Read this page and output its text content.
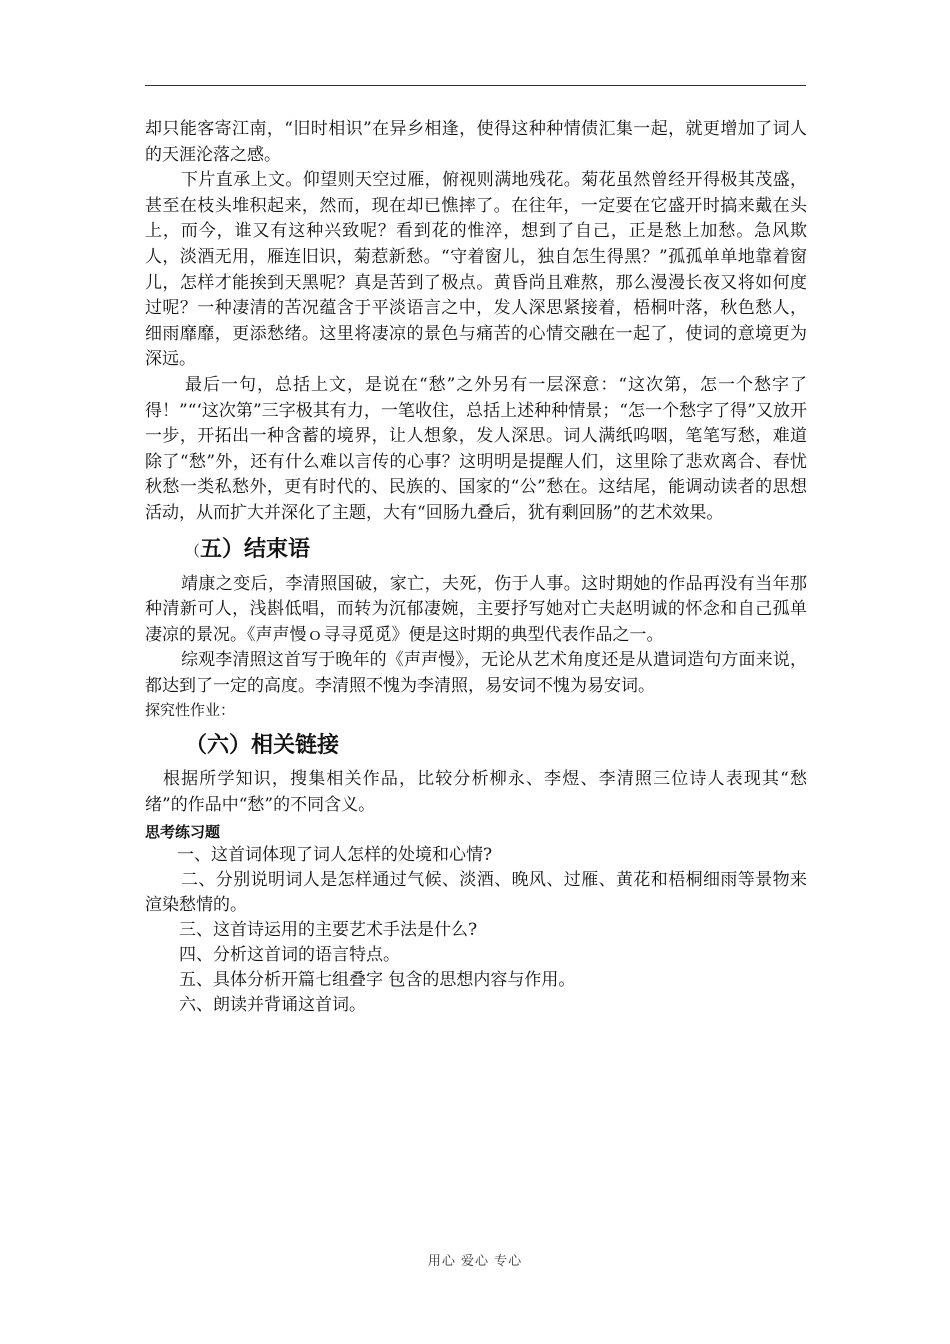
却只能客寄江南，“旧时相识”在异乡相逢，使得这种种情债汇集一起，就更增加了词人的天涯沦落之感。

下片直承上文。仰望则天空过雁，俯视则满地残花。菊花虽然曾经开得极其茂盛，甚至在枝头堆积起来，然而，现在却已憔摔了。在往年，一定要在它盛开时搞来戴在头上，而今，谁又有这种兴致呢？看到花的惟淬，想到了自己，正是愁上加愁。急风欺人，淡酒无用，雁连旧识，菊惹新愁。“守着窗儿，独自怎生得黑？”孤孤单单地靠着窗儿，怎样才能挨到天黑呢？真是苦到了极点。黄昏尚且难熬，那么漫漫长夜又将如何度过呢？一种凄清的苦况蕴含于平淡语言之中，发人深思紧接着，梧桐叶落，秋色愁人，细雨靡靡，更添愁绪。这里将凄凉的景色与痛苦的心情交融在一起了，使词的意境更为深远。

最后一句，总括上文，是说在“愁”之外另有一层深意：“这次第，怎一个愁字了得！”“‘这次第”三字极其有力，一笔收住，总括上述种种情景；“怎一个愁字了得”又放开一步，开拓出一种含蓄的境界，让人想象，发人深思。词人满纸呜咽，笔笔写愁，难道除了“愁”外，还有什么难以言传的心事？这明明是提醒人们，这里除了悲欢离合、春忧秋愁一类私愁外，更有时代的、民族的、国家的“公”愁在。这结尾，能调动读者的思想活动，从而扩大并深化了主题，大有“回肠九叠后，犹有剩回肠”的艺术效果。

（五）结束语

靖康之变后，李清照国破，家亡，夫死，伤于人事。这时期她的作品再没有当年那种清新可人，浅斟低唱，而转为沉郁凄婉，主要抒写她对亡夫赵明诚的怀念和自己孤单凄凉的景况。《声声慢ｏ寻寻觅觅》便是这时期的典型代表作品之一。

综观李清照这首写于晚年的《声声慢》，无论从艺术角度还是从遣词造句方面来说，都达到了一定的高度。李清照不愧为李清照，易安词不愧为易安词。

探究性作业：

（六）相关链接

根据所学知识，搜集相关作品，比较分析柳永、李煜、李清照三位诗人表现其“愁绪”的作品中“愁”的不同含义。

思考练习题

一、这首词体现了词人怎样的处境和心情?

二、分别说明词人是怎样通过气候、淡酒、晚风、过雁、黄花和梧桐细雨等景物来渲染愁情的。

三、这首诗运用的主要艺术手法是什么?

四、分析这首词的语言特点。

五、具体分析开篇七组叠字 包含的思想内容与作用。

六、朗读并背诵这首词。

用心 爱心 专心
